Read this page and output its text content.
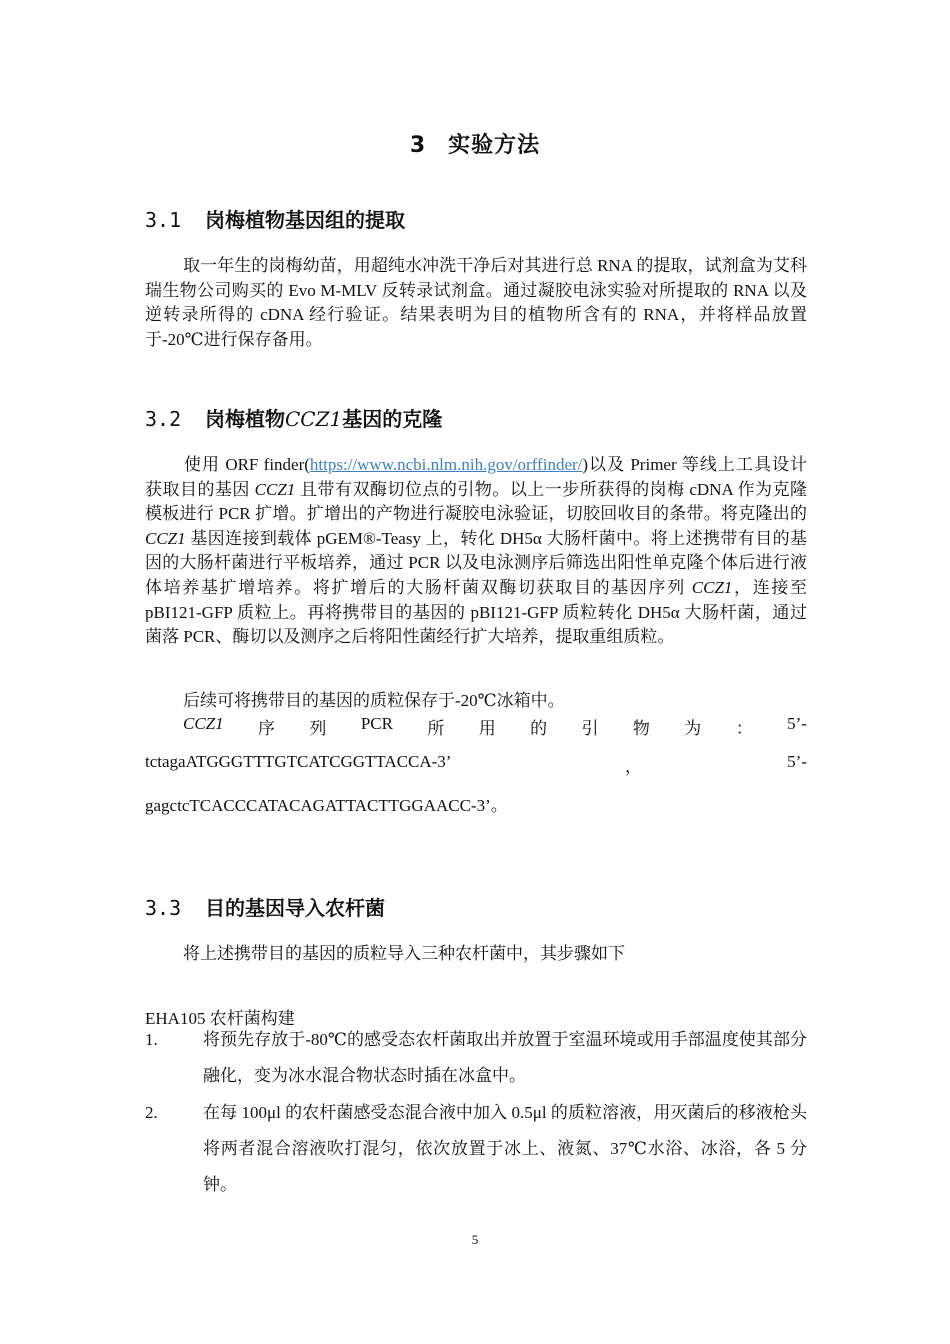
3 实验方法
3.1 岗梅植物基因组的提取
取一年生的岗梅幼苗，用超纯水冲洗干净后对其进行总 RNA 的提取，试剂盒为艾科瑞生物公司购买的 Evo M-MLV 反转录试剂盒。通过凝胶电泳实验对所提取的 RNA 以及逆转录所得的 cDNA 经行验证。结果表明为目的植物所含有的 RNA，并将样品放置于-20℃进行保存备用。
3.2 岗梅植物CCZ1基因的克隆
使用 ORF finder(https://www.ncbi.nlm.nih.gov/orffinder/)以及 Primer 等线上工具设计获取目的基因 CCZ1 且带有双酶切位点的引物。以上一步所获得的岗梅 cDNA 作为克隆模板进行 PCR 扩增。扩增出的产物进行凝胶电泳验证，切胶回收目的条带。将克隆出的 CCZ1 基因连接到载体 pGEM®-Teasy 上，转化 DH5α 大肠杆菌中。将上述携带有目的基因的大肠杆菌进行平板培养，通过 PCR 以及电泳测序后筛选出阳性单克隆个体后进行液体培养基扩增培养。将扩增后的大肠杆菌双酶切获取目的基因序列 CCZ1，连接至 pBI121-GFP 质粒上。再将携带目的基因的 pBI121-GFP 质粒转化 DH5α 大肠杆菌，通过菌落 PCR、酶切以及测序之后将阳性菌经行扩大培养，提取重组质粒。
后续可将携带目的基因的质粒保存于-20℃冰箱中。
CCZ1 序 列 PCR 所 用 的 引 物 为 ： 5’-
tctagaATGGGTTTGTCATCGGTTACCA-3’	，	5’-
gagctcTCACCCATACAGATTACTTGGAACC-3’。
3.3 目的基因导入农杆菌
将上述携带目的基因的质粒导入三种农杆菌中，其步骤如下
EHA105 农杆菌构建
1.	将预先存放于-80℃的感受态农杆菌取出并放置于室温环境或用手部温度使其部分融化，变为冰水混合物状态时插在冰盒中。
2.	在每 100μl 的农杆菌感受态混合液中加入 0.5μl 的质粒溶液，用灭菌后的移液枪头将两者混合溶液吹打混匀，依次放置于冰上、液氮、37℃水浴、冰浴，各 5 分钟。
5
